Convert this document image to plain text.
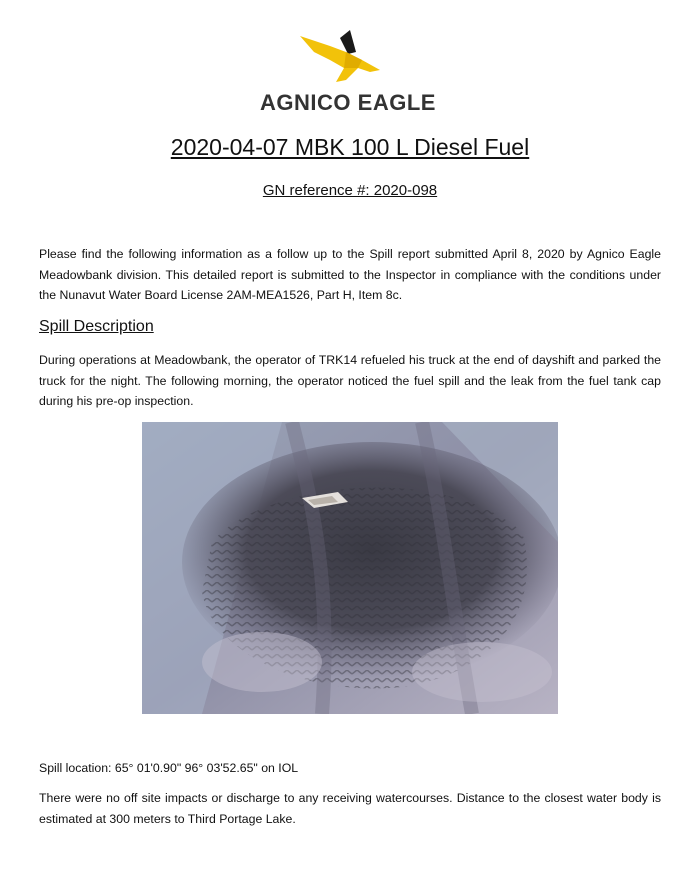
AGNICO EAGLE
2020-04-07 MBK 100 L Diesel Fuel
GN reference #: 2020-098
Please find the following information as a follow up to the Spill report submitted April 8, 2020 by Agnico Eagle Meadowbank division. This detailed report is submitted to the Inspector in compliance with the conditions under the Nunavut Water Board License 2AM-MEA1526, Part H, Item 8c.
Spill Description
During operations at Meadowbank, the operator of TRK14 refueled his truck at the end of dayshift and parked the truck for the night. The following morning, the operator noticed the fuel spill and the leak from the fuel tank cap during his pre-op inspection.
Spill location: 65° 01'0.90" 96° 03'52.65" on IOL
There were no off site impacts or discharge to any receiving watercourses. Distance to the closest water body is estimated at 300 meters to Third Portage Lake.
